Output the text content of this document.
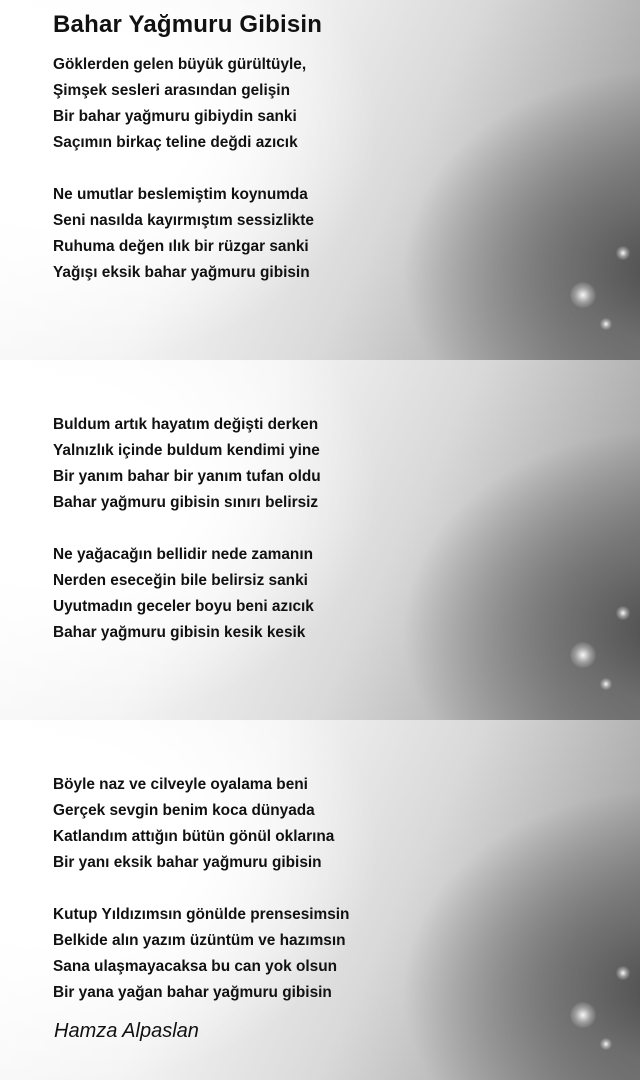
Bahar Yağmuru Gibisin
Göklerden gelen büyük gürültüyle,
Şimşek sesleri arasından gelişin
Bir bahar yağmuru gibiydin sanki
Saçımın birkaç teline değdi azıcık
Ne umutlar beslemiştim koynumda
Seni nasılda kayırmıştım sessizlikte
Ruhuma değen ılık bir rüzgar sanki
Yağışı eksik bahar yağmuru gibisin
Buldum artık hayatım değişti derken
Yalnızlık içinde buldum kendimi yine
Bir yanım bahar bir yanım tufan oldu
Bahar yağmuru gibisin sınırı belirsiz
Ne yağacağın bellidir nede zamanın
Nerden eseceğin bile belirsiz sanki
Uyutmadın geceler boyu beni azıcık
Bahar yağmuru gibisin kesik kesik
Böyle naz ve cilveyle oyalama beni
Gerçek sevgin benim koca dünyada
Katlandım attığın bütün gönül oklarına
Bir yanı eksik bahar yağmuru gibisin
Kutup Yıldızımsın gönülde prensesimsin
Belkide alın yazım üzüntüm ve hazımsın
Sana ulaşmayacaksa bu can yok olsun
Bir yana yağan bahar yağmuru gibisin
Hamza Alpaslan
